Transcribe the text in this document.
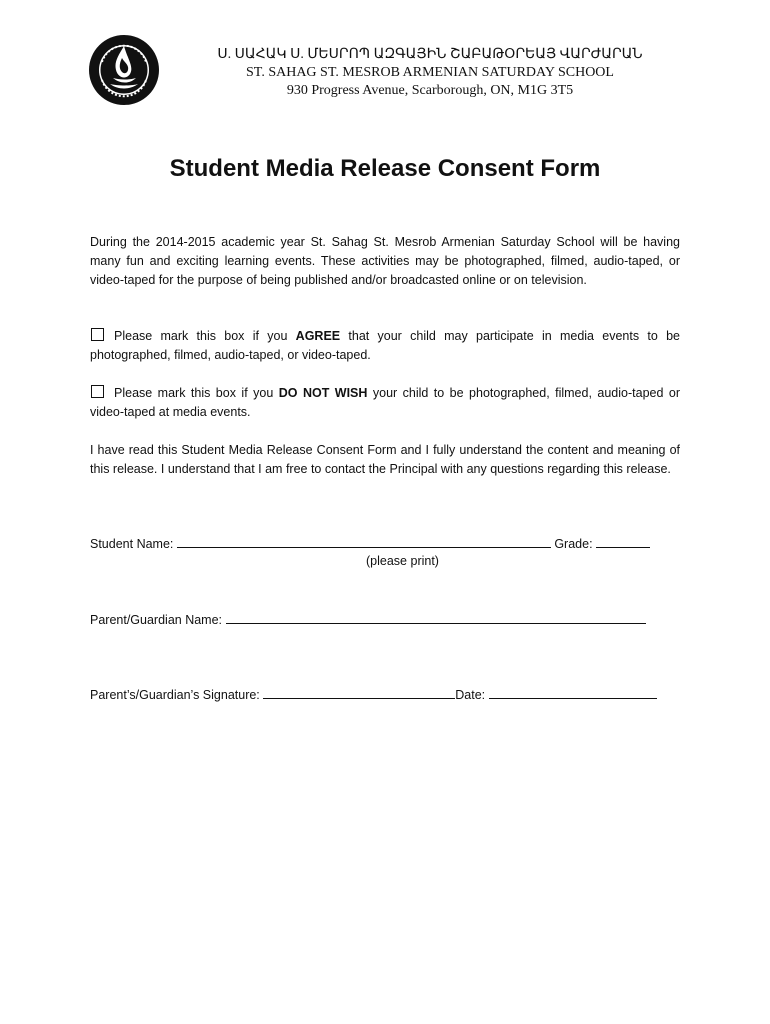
Ս. ՍԱՀԱԿ Ս. ՄԵՍՐՈՊ ԱԶԳԱՅԻՆ ՇԱԲԱԹՕՐԵԱՅ ՎԱՐԺԱՐԱՆ
ST. SAHAG ST. MESROB ARMENIAN SATURDAY SCHOOL
930 Progress Avenue, Scarborough, ON, M1G 3T5
Student Media Release Consent Form
During the 2014-2015 academic year St. Sahag St. Mesrob Armenian Saturday School will be having many fun and exciting learning events. These activities may be photographed, filmed, audio-taped, or video-taped for the purpose of being published and/or broadcasted online or on television.
Please mark this box if you AGREE that your child may participate in media events to be photographed, filmed, audio-taped, or video-taped.
Please mark this box if you DO NOT WISH your child to be photographed, filmed, audio-taped or video-taped at media events.
I have read this Student Media Release Consent Form and I fully understand the content and meaning of this release. I understand that I am free to contact the Principal with any questions regarding this release.
Student Name:	Grade:
(please print)
Parent/Guardian Name:
Parent’s/Guardian’s Signature:	Date:
